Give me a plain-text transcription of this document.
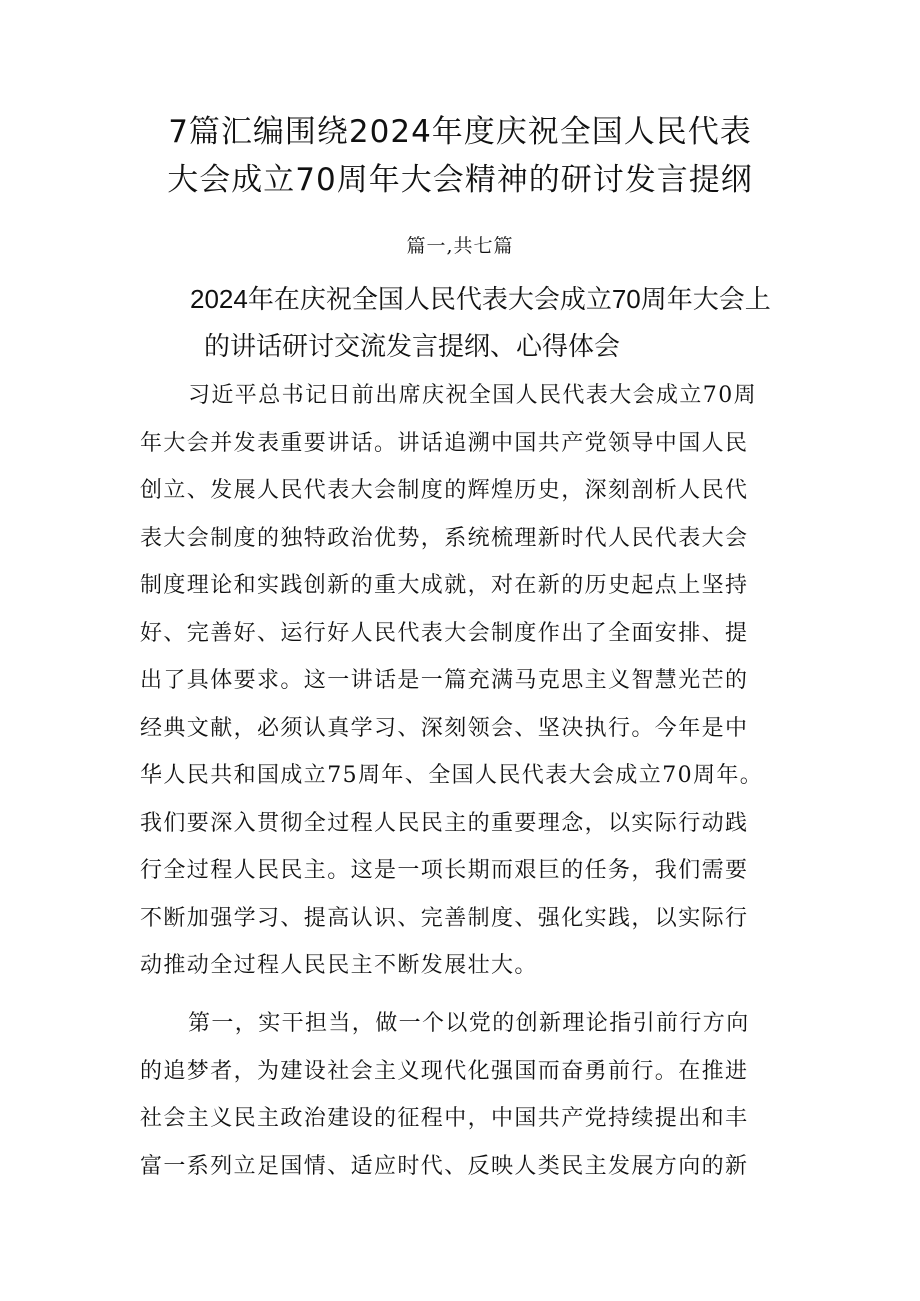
7篇汇编围绕2024年度庆祝全国人民代表
大会成立70周年大会精神的研讨发言提纲

篇一,共七篇

2024年在庆祝全国人民代表大会成立70周年大会上
的讲话研讨交流发言提纲、心得体会
习近平总书记日前出席庆祝全国人民代表大会成立70周
年大会并发表重要讲话。讲话追溯中国共产党领导中国人民
创立、发展人民代表大会制度的辉煌历史，深刻剖析人民代
表大会制度的独特政治优势，系统梳理新时代人民代表大会
制度理论和实践创新的重大成就，对在新的历史起点上坚持
好、完善好、运行好人民代表大会制度作出了全面安排、提
出了具体要求。这一讲话是一篇充满马克思主义智慧光芒的
经典文献，必须认真学习、深刻领会、坚决执行。今年是中
华人民共和国成立75周年、全国人民代表大会成立70周年。
我们要深入贯彻全过程人民民主的重要理念，以实际行动践
行全过程人民民主。这是一项长期而艰巨的任务，我们需要
不断加强学习、提高认识、完善制度、强化实践，以实际行
动推动全过程人民民主不断发展壮大。
第一，实干担当，做一个以党的创新理论指引前行方向
的追梦者，为建设社会主义现代化强国而奋勇前行。在推进
社会主义民主政治建设的征程中，中国共产党持续提出和丰
富一系列立足国情、适应时代、反映人类民主发展方向的新
